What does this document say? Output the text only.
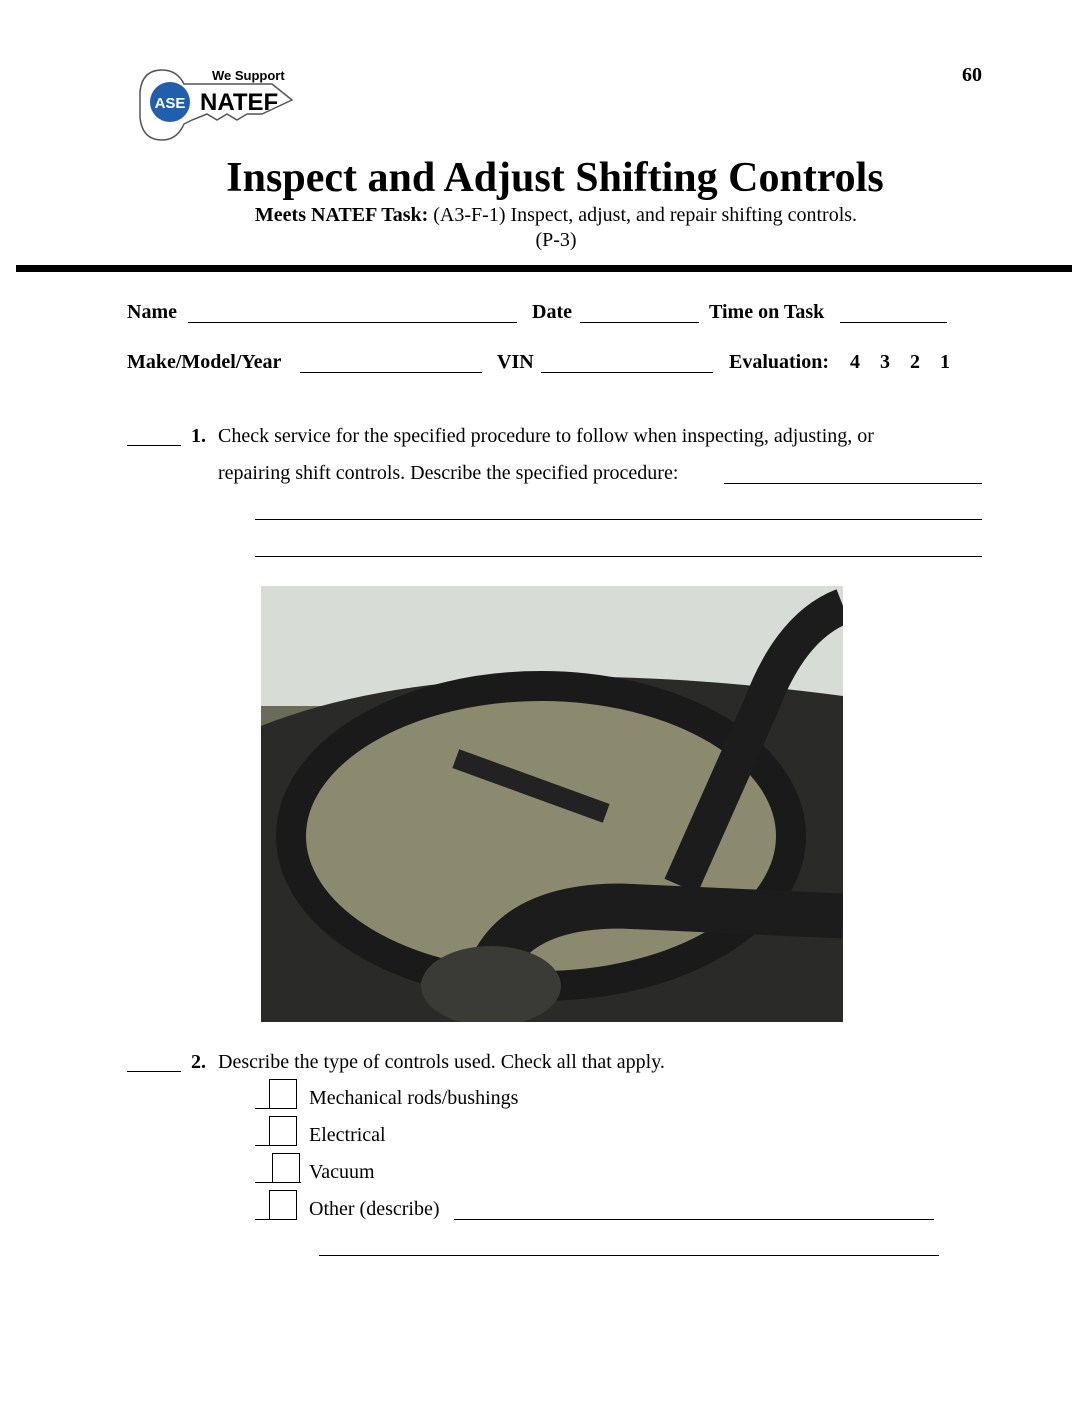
ASE
We Support
NATEF
60
Inspect and Adjust Shifting Controls
Meets NATEF Task: (A3-F-1) Inspect, adjust, and repair shifting controls.
(P-3)
Name	Date	Time on Task
Make/Model/Year	VIN	Evaluation: 4 3 2 1
1. Check service for the specified procedure to follow when inspecting, adjusting, or
repairing shift controls. Describe the specified procedure:
2. Describe the type of controls used. Check all that apply.
Mechanical rods/bushings
Electrical
Vacuum
Other (describe)
